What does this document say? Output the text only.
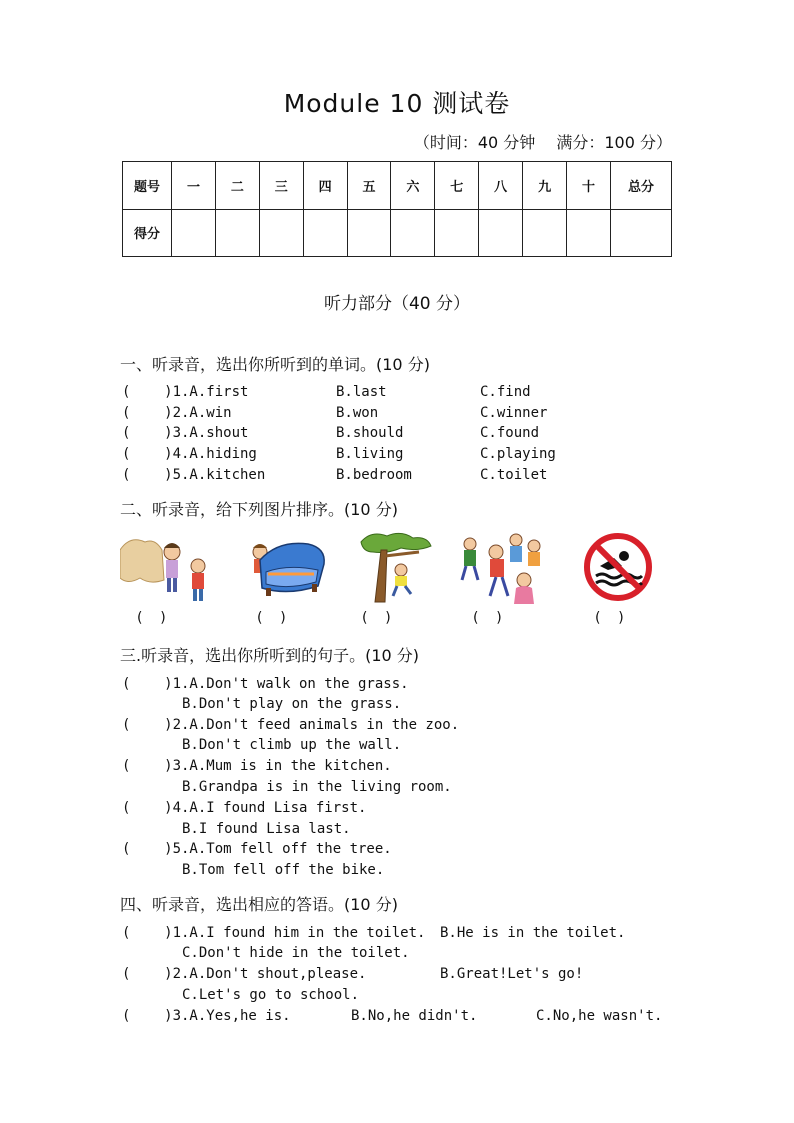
Module 10 测试卷
（时间：40 分钟　 满分：100 分）
题号	一	二	三	四	五	六	七	八	九	十	总分
得分											
听力部分（40 分）
一、听录音，选出你所听到的单词。(10 分)

(    )1.A.first

	B.last

	C.find

(    )2.A.win

	B.won

	C.winner

(    )3.A.shout

	B.should

	C.found

(    )4.A.hiding

	B.living

	C.playing

(    )5.A.kitchen

	B.bedroom

	C.toilet

二、听录音，给下列图片排序。(10 分)
(    )	(    )	(    )	(    )	(    )
三.听录音，选出你所听到的句子。(10 分)
(    )1.A.Don't walk on the grass.
B.Don't play on the grass.
(    )2.A.Don't feed animals in the zoo.
B.Don't climb up the wall.
(    )3.A.Mum is in the kitchen.
B.Grandpa is in the living room.
(    )4.A.I found Lisa first.
B.I found Lisa last.
(    )5.A.Tom fell off the tree.
B.Tom fell off the bike.
四、听录音，选出相应的答语。(10 分)
(    )1.A.I found him in the toilet. B.He is in the toilet.
C.Don't hide in the toilet.
(    )2.A.Don't shout,please.	B.Great!Let's go!
C.Let's go to school.
(    )3.A.Yes,he is.	B.No,he didn't.	C.No,he wasn't.
